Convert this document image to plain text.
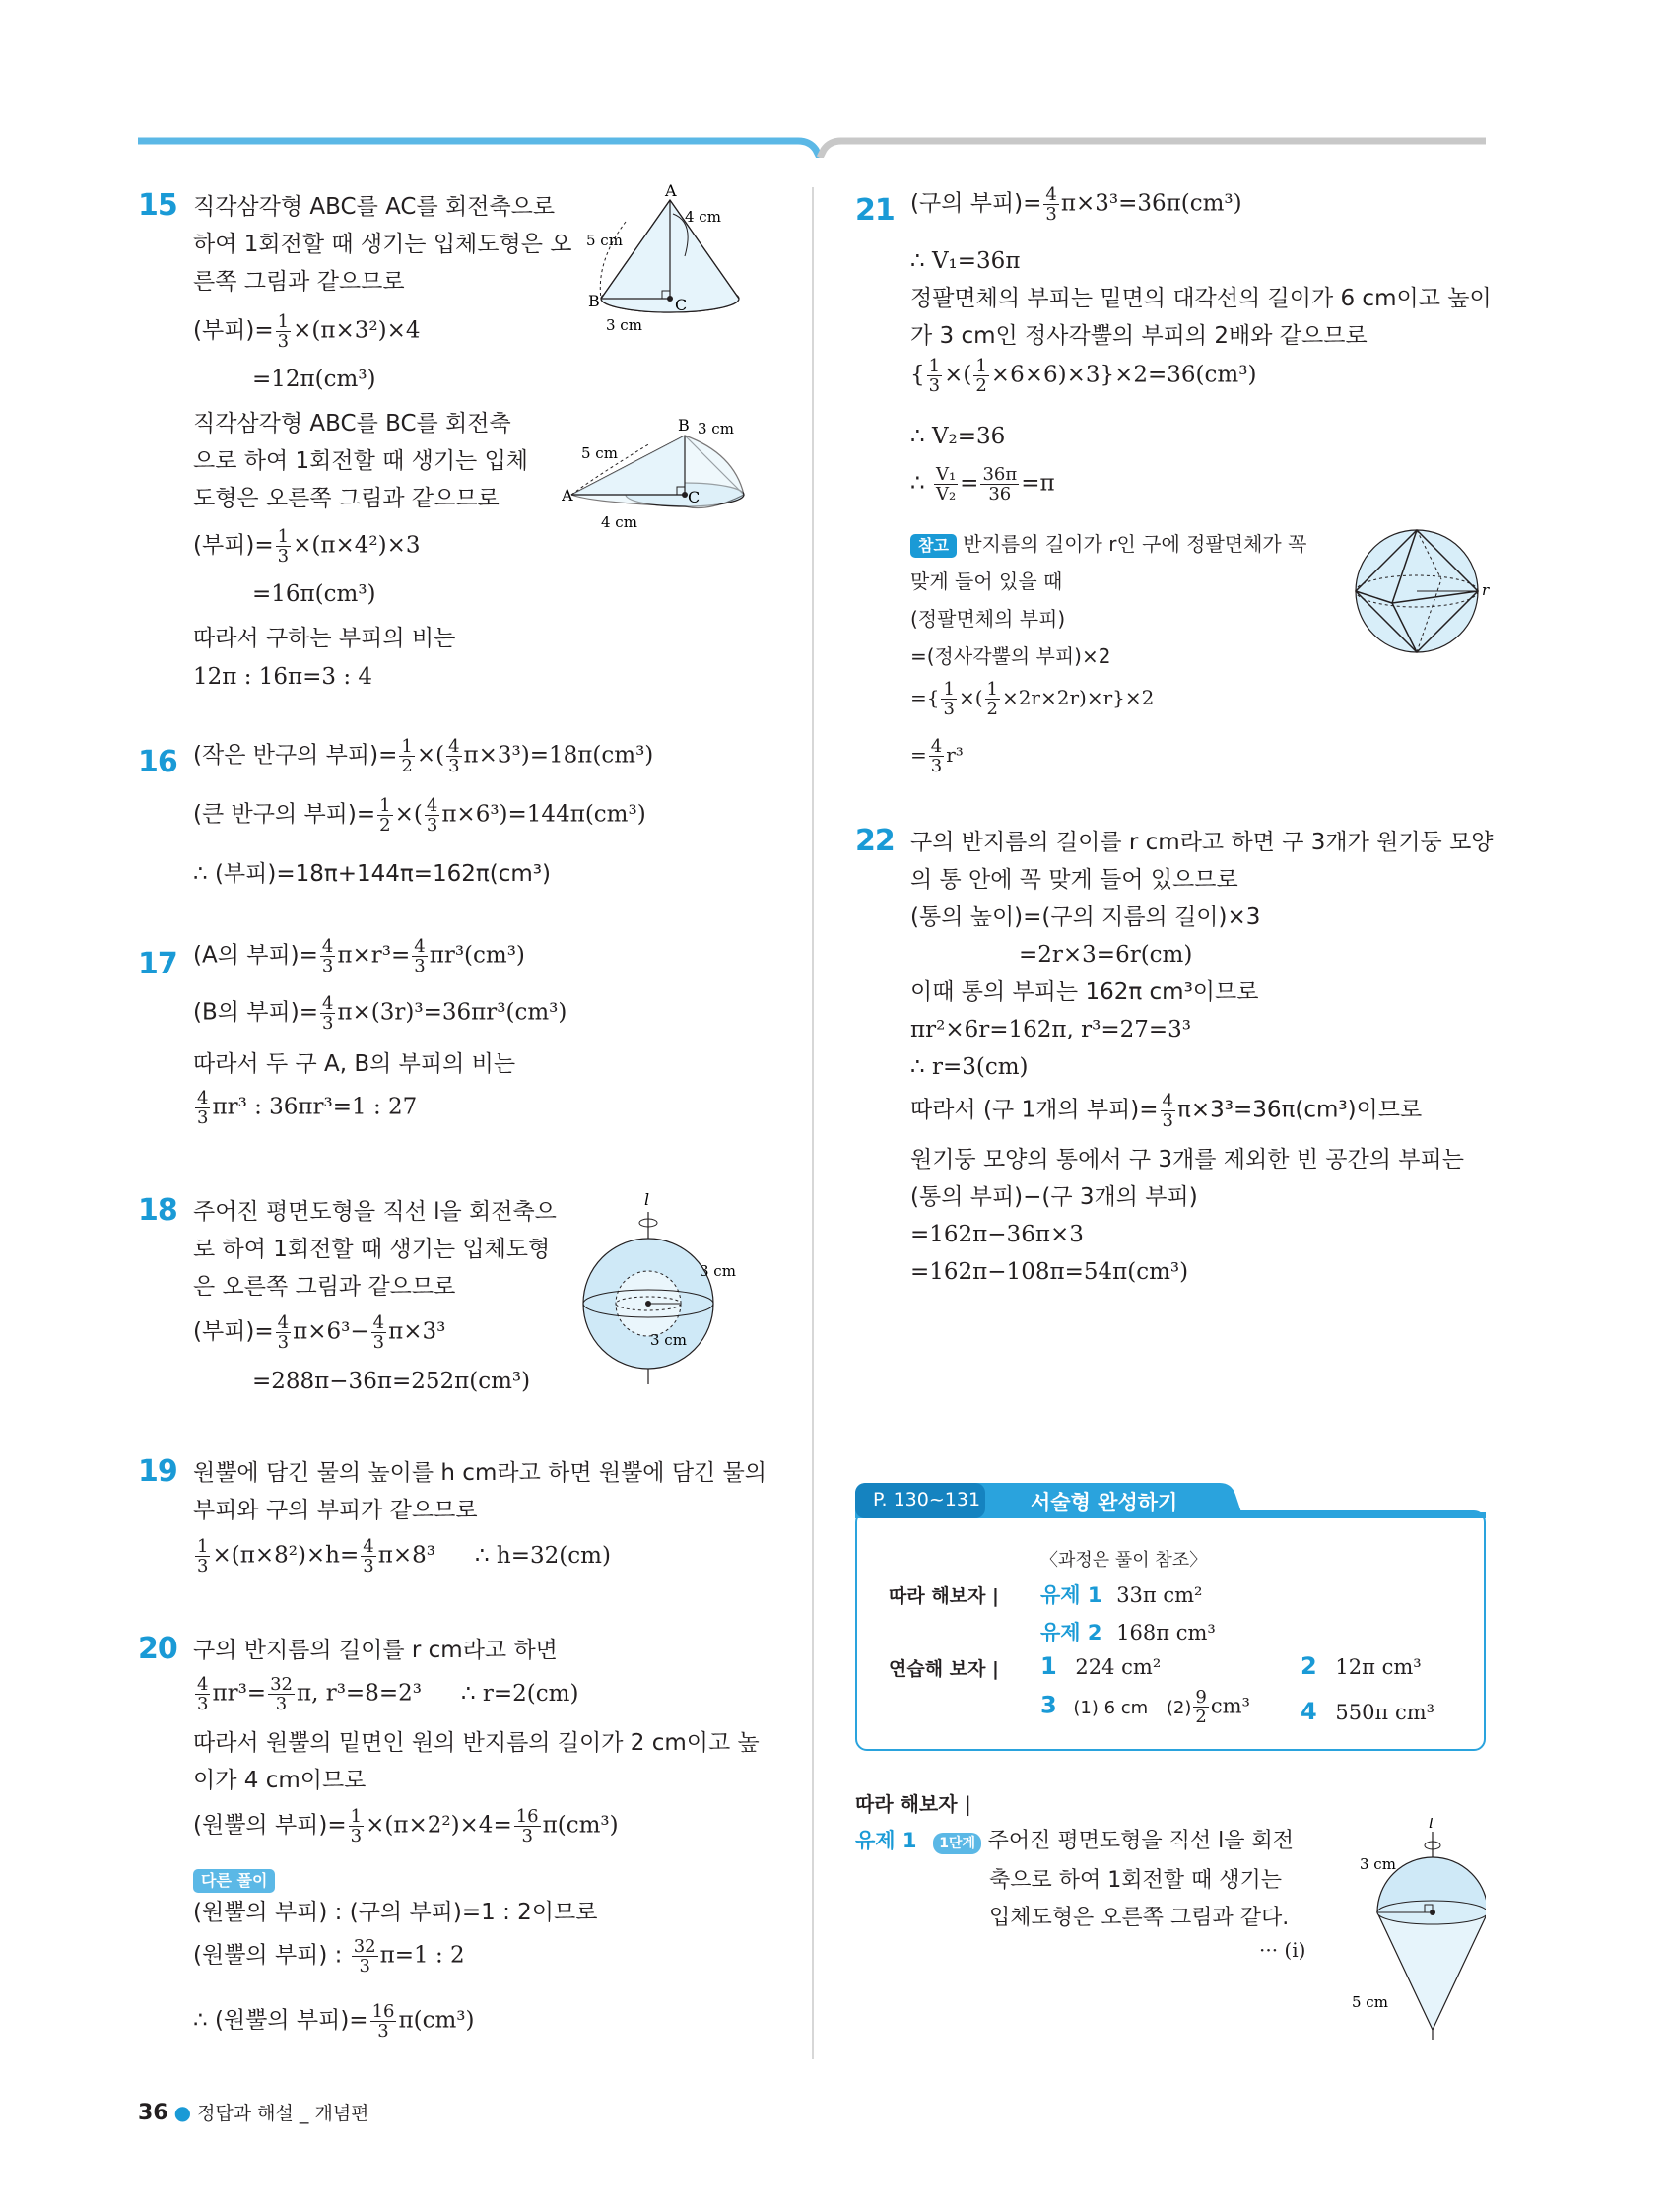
15 직각삼각형 ABC를 AC를 회전축으로
하여 1회전할 때 생기는 입체도형은 오
른쪽 그림과 같으므로
(부피)= $\frac{1}{3} \times(\pi\times 3^2)\times 4$
=12π(cm³)
직각삼각형 ABC를 BC를 회전축
으로 하여 1회전할 때 생기는 입체
도형은 오른쪽 그림과 같으므로
(부피)= $\frac{1}{3} \times(\pi\times 4^2)\times 3$
=16π(cm³)
따라서 구하는 부피의 비는
12π : 16π=3 : 4
A
B	C
5 cm
4 cm
3 cm
B
A	C
5 cm
3 cm
4 cm
16 (작은 반구의 부피)= $\frac{1}{2}$ ×( $\frac{4}{3} \pi\times 3^3)=18\pi(cm^3)$
(큰 반구의 부피)= $\frac{1}{2}$ ×( $\frac{4}{3} \pi\times 6^3)=144\pi(cm^3)$
∴ (부피)=18π+144π=162π(cm³)
17 (A의 부피)= $\frac{4}{3} \pi\times r^3= \frac{4}{3} \pi r^3(cm^3)$
(B의 부피)= $\frac{4}{3} \pi\times(3r)^3=36\pi r^3(cm^3)$
따라서 두 구 A, B의 부피의 비는
$\frac{4}{3} \pi r^3$ : 36πr³=1 : 27
18 주어진 평면도형을 직선 l을 회전축으
로 하여 1회전할 때 생기는 입체도형
은 오른쪽 그림과 같으므로
(부피)= $\frac{4}{3} \pi\times 6^3- \frac{4}{3} \pi\times 3^3$
=288π−36π=252π(cm³)
l
3 cm
3 cm
19 원뿔에 담긴 물의 높이를 h cm라고 하면 원뿔에 담긴 물의
부피와 구의 부피가 같으므로
$\frac{1}{3} \times(\pi\times 8^2)\times h= \frac{4}{3} \pi\times 8^3$ ∴ h=32(cm)
20 구의 반지름의 길이를 r cm라고 하면
$\frac{4}{3} \pi r^3= \frac{32}{3} \pi$, r³=8=2³ ∴ r=2(cm)
따라서 원뿔의 밑면인 원의 반지름의 길이가 2 cm이고 높
이가 4 cm이므로
(원뿔의 부피)= $\frac{1}{3} \times(\pi\times 2^2)\times 4= \frac{16}{3} \pi(cm^3)$
다른 풀이
(원뿔의 부피) : (구의 부피)=1 : 2이므로
(원뿔의 부피) : $\frac{32}{3} \pi=1$ : 2
∴ (원뿔의 부피)= $\frac{16}{3} \pi(cm^3)$
21 (구의 부피)= $\frac{4}{3} \pi\times 3^3=36\pi(cm^3)$
∴ V₁=36π
정팔면체의 부피는 밑면의 대각선의 길이가 6 cm이고 높이
가 3 cm인 정사각뿔의 부피의 2배와 같으므로
{ $\frac{1}{3}$ ×( $\frac{1}{2} \times 6\times 6)\times 3\}\times 2=36(cm^3)$
∴ V₂=36
∴ $\frac{\text{V₁}}{\text{V₂}} = \frac{36\pi}{36} =\pi$
참고 반지름의 길이가 r인 구에 정팔면체가 꼭
맞게 들어 있을 때
(정팔면체의 부피)
=(정사각뿔의 부피)×2
={ $\frac{1}{3}$ ×( $\frac{1}{2} \times 2r\times 2r)\times r\}\times 2$
= $\frac{4}{3} r^3$
r
22 구의 반지름의 길이를 r cm라고 하면 구 3개가 원기둥 모양
의 통 안에 꼭 맞게 들어 있으므로
(통의 높이)=(구의 지름의 길이)×3
=2r×3=6r(cm)
이때 통의 부피는 162π cm³이므로
πr²×6r=162π, r³=27=3³
∴ r=3(cm)
따라서 (구 1개의 부피)= $\frac{4}{3} \pi\times 3^3=36\pi(cm^3)$이므로
원기둥 모양의 통에서 구 3개를 제외한 빈 공간의 부피는
(통의 부피)−(구 3개의 부피)
=162π−36π×3
=162π−108π=54π(cm³)
P. 130~131 서술형 완성하기
〈과정은 풀이 참조〉
따라 해보자 | 유제 1 33π cm²
유제 2 168π cm³
연습해 보자 | 1 224 cm²	2 12π cm³
3 (1) 6 cm $(2) \frac{9}{2} cm^3$ 4 550π cm³
따라 해보자 |
유제 1 1단계 주어진 평면도형을 직선 l을 회전
축으로 하여 1회전할 때 생기는
입체도형은 오른쪽 그림과 같다.
··· (i)
l
3 cm
5 cm
36 ● 정답과 해설 _ 개념편
